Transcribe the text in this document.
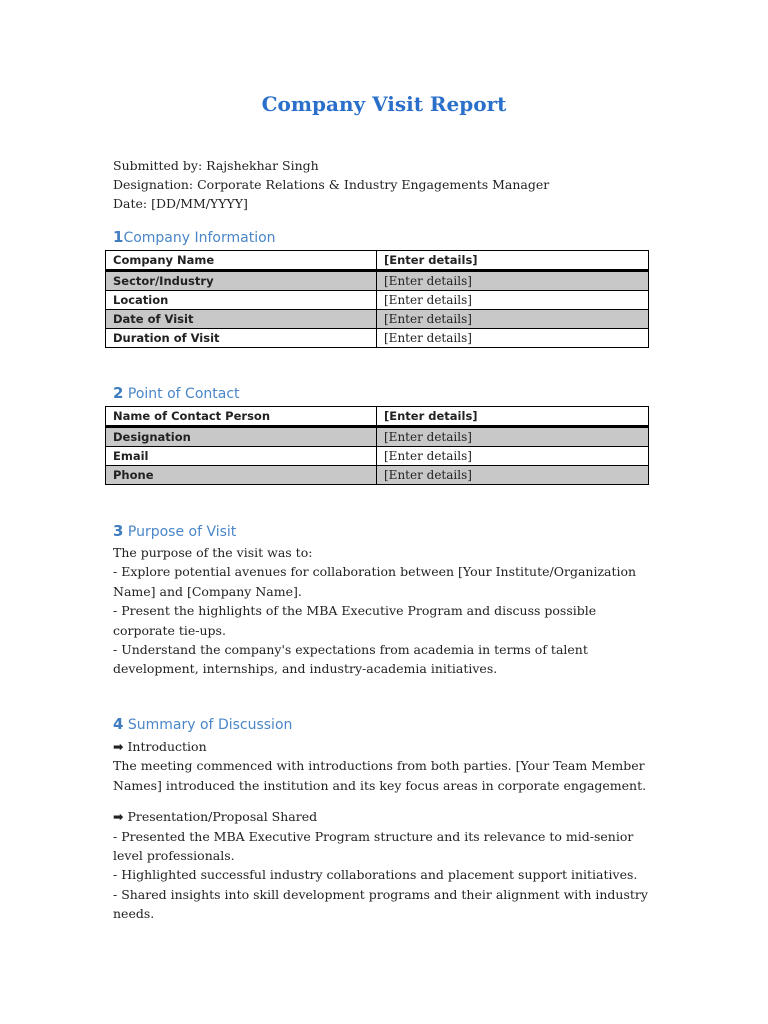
Company Visit Report
Submitted by: Rajshekhar Singh
Designation: Corporate Relations & Industry Engagements Manager
Date: [DD/MM/YYYY]
1Company Information
Company Name	[Enter details]
Sector/Industry	[Enter details]
Location	[Enter details]
Date of Visit	[Enter details]
Duration of Visit	[Enter details]
2 Point of Contact
Name of Contact Person	[Enter details]
Designation	[Enter details]
Email	[Enter details]
Phone	[Enter details]
3 Purpose of Visit

The purpose of the visit was to:

- Explore potential avenues for collaboration between [Your Institute/Organization Name] and [Company Name].

- Present the highlights of the MBA Executive Program and discuss possible corporate tie-ups.

- Understand the company's expectations from academia in terms of talent development, internships, and industry-academia initiatives.

4 Summary of Discussion

➡ Introduction

The meeting commenced with introductions from both parties. [Your Team Member Names] introduced the institution and its key focus areas in corporate engagement.

➡ Presentation/Proposal Shared

- Presented the MBA Executive Program structure and its relevance to mid-senior level professionals.

- Highlighted successful industry collaborations and placement support initiatives.

- Shared insights into skill development programs and their alignment with industry needs.
